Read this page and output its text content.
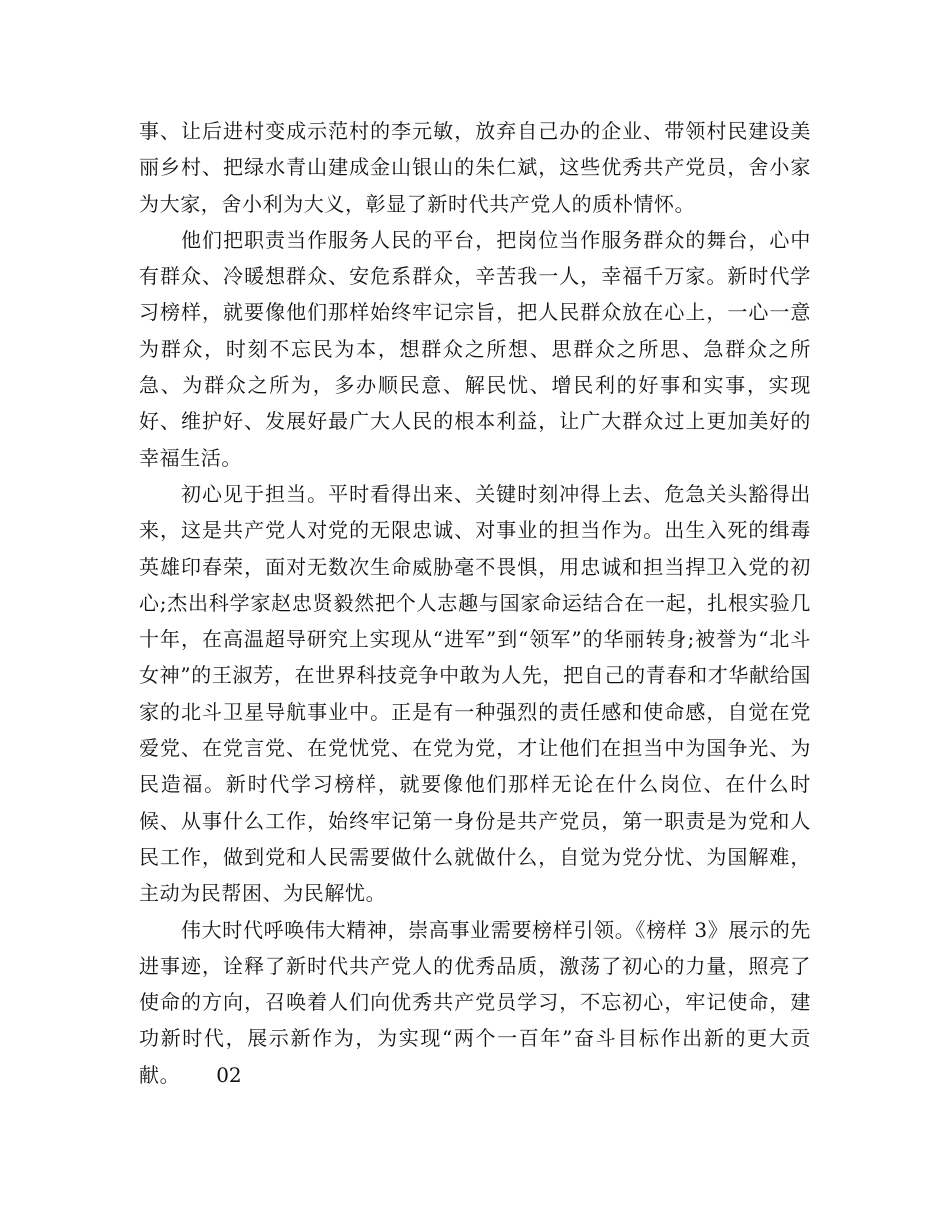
事、让后进村变成示范村的李元敏，放弃自己办的企业、带领村民建设美丽乡村、把绿水青山建成金山银山的朱仁斌，这些优秀共产党员，舍小家为大家，舍小利为大义，彰显了新时代共产党人的质朴情怀。

他们把职责当作服务人民的平台，把岗位当作服务群众的舞台，心中有群众、冷暖想群众、安危系群众，辛苦我一人，幸福千万家。新时代学习榜样，就要像他们那样始终牢记宗旨，把人民群众放在心上，一心一意为群众，时刻不忘民为本，想群众之所想、思群众之所思、急群众之所急、为群众之所为，多办顺民意、解民忧、增民利的好事和实事，实现好、维护好、发展好最广大人民的根本利益，让广大群众过上更加美好的幸福生活。

初心见于担当。平时看得出来、关键时刻冲得上去、危急关头豁得出来，这是共产党人对党的无限忠诚、对事业的担当作为。出生入死的缉毒英雄印春荣，面对无数次生命威胁毫不畏惧，用忠诚和担当捍卫入党的初心;杰出科学家赵忠贤毅然把个人志趣与国家命运结合在一起，扎根实验几十年，在高温超导研究上实现从“进军”到“领军”的华丽转身;被誉为“北斗女神”的王淑芳，在世界科技竞争中敢为人先，把自己的青春和才华献给国家的北斗卫星导航事业中。正是有一种强烈的责任感和使命感，自觉在党爱党、在党言党、在党忧党、在党为党，才让他们在担当中为国争光、为民造福。新时代学习榜样，就要像他们那样无论在什么岗位、在什么时候、从事什么工作，始终牢记第一身份是共产党员，第一职责是为党和人民工作，做到党和人民需要做什么就做什么，自觉为党分忧、为国解难，主动为民帮困、为民解忧。

伟大时代呼唤伟大精神，崇高事业需要榜样引领。《榜样 3》展示的先进事迹，诠释了新时代共产党人的优秀品质，激荡了初心的力量，照亮了使命的方向，召唤着人们向优秀共产党员学习，不忘初心，牢记使命，建功新时代，展示新作为，为实现“两个一百年”奋斗目标作出新的更大贡献。 02
